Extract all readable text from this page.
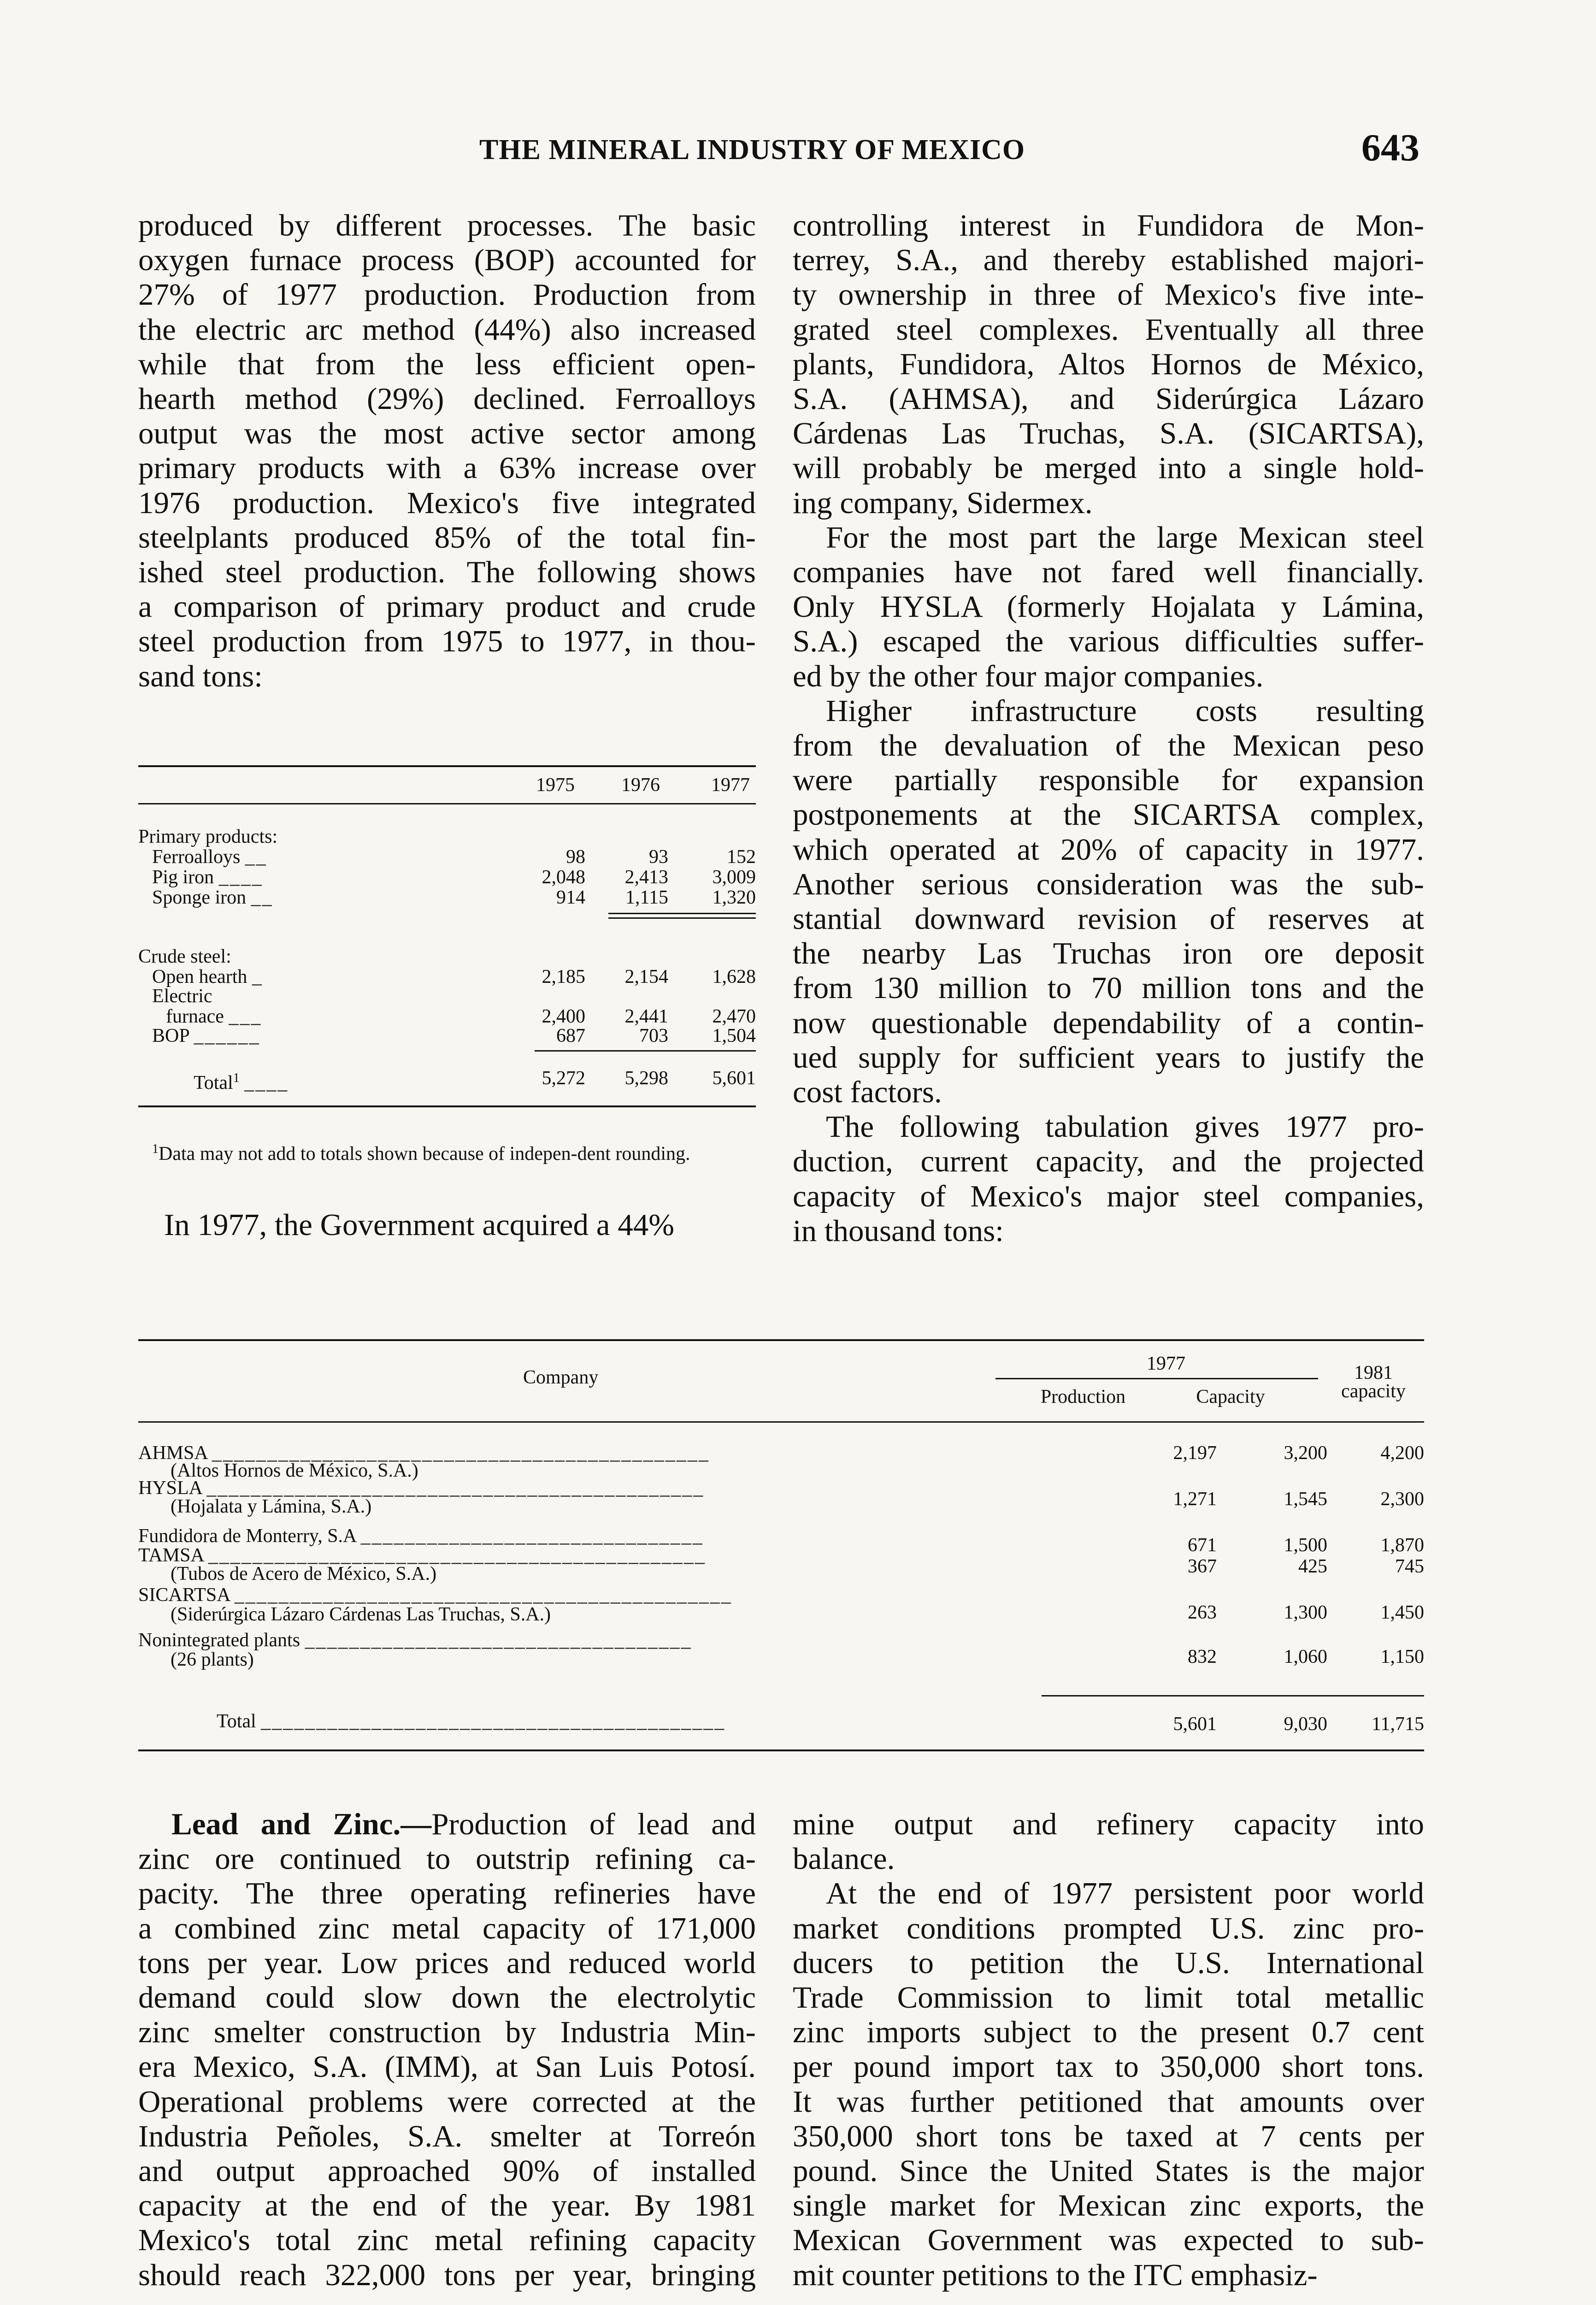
THE MINERAL INDUSTRY OF MEXICO	643

produced by different processes. The basic

oxygen furnace process (BOP) accounted for

27% of 1977 production. Production from

the electric arc method (44%) also increased

while that from the less efficient open-

hearth method (29%) declined. Ferroalloys

output was the most active sector among

primary products with a 63% increase over

1976 production. Mexico's five integrated

steelplants produced 85% of the total fin-

ished steel production. The following shows

a comparison of primary product and crude

steel production from 1975 to 1977, in thou-

sand tons:

1975	1976	1977
Primary products:
Ferroalloys __	98	93	152
Pig iron ____	2,048	2,413	3,009
Sponge iron __	914	1,115	1,320
Crude steel:
Open hearth _	2,185	2,154	1,628
Electric
furnace ___	2,400	2,441	2,470
BOP ______	687	703	1,504
Total$^1$ ____	5,272	5,298	5,601
$^1$Data may not add to totals shown because of indepen-dent rounding.
In 1977, the Government acquired a 44%

controlling interest in Fundidora de Mon-

terrey, S.A., and thereby established majori-

ty ownership in three of Mexico's five inte-

grated steel complexes. Eventually all three

plants, Fundidora, Altos Hornos de México,

S.A. (AHMSA), and Siderúrgica Lázaro

Cárdenas Las Truchas, S.A. (SICARTSA),

will probably be merged into a single hold-

ing company, Sidermex.

For the most part the large Mexican steel

companies have not fared well financially.

Only HYSLA (formerly Hojalata y Lámina,

S.A.) escaped the various difficulties suffer-

ed by the other four major companies.

Higher infrastructure costs resulting

from the devaluation of the Mexican peso

were partially responsible for expansion

postponements at the SICARTSA complex,

which operated at 20% of capacity in 1977.

Another serious consideration was the sub-

stantial downward revision of reserves at

the nearby Las Truchas iron ore deposit

from 130 million to 70 million tons and the

now questionable dependability of a contin-

ued supply for sufficient years to justify the

cost factors.

The following tabulation gives 1977 pro-

duction, current capacity, and the projected

capacity of Mexico's major steel companies,

in thousand tons:

Company
1977
Production	Capacity
1981
capacity
AHMSA _____________________________________________
(Altos Hornos de México, S.A.)
2,197	3,200	4,200
HYSLA _____________________________________________
(Hojalata y Lámina, S.A.)	1,271	1,545	2,300
Fundidora de Monterry, S.A _______________________________	671	1,500	1,870
TAMSA _____________________________________________
(Tubos de Acero de México, S.A.)	367	425	745
SICARTSA _____________________________________________
(Siderúrgica Lázaro Cárdenas Las Truchas, S.A.)	263	1,300	1,450
Nonintegrated plants ___________________________________
(26 plants)	832	1,060	1,150
Total __________________________________________	5,601	9,030	11,715

Lead and Zinc.—Production of lead and

zinc ore continued to outstrip refining ca-

pacity. The three operating refineries have

a combined zinc metal capacity of 171,000

tons per year. Low prices and reduced world

demand could slow down the electrolytic

zinc smelter construction by Industria Min-

era Mexico, S.A. (IMM), at San Luis Potosí.

Operational problems were corrected at the

Industria Peñoles, S.A. smelter at Torreón

and output approached 90% of installed

capacity at the end of the year. By 1981

Mexico's total zinc metal refining capacity

should reach 322,000 tons per year, bringing

mine output and refinery capacity into

balance.

At the end of 1977 persistent poor world

market conditions prompted U.S. zinc pro-

ducers to petition the U.S. International

Trade Commission to limit total metallic

zinc imports subject to the present 0.7 cent

per pound import tax to 350,000 short tons.

It was further petitioned that amounts over

350,000 short tons be taxed at 7 cents per

pound. Since the United States is the major

single market for Mexican zinc exports, the

Mexican Government was expected to sub-

mit counter petitions to the ITC emphasiz-
